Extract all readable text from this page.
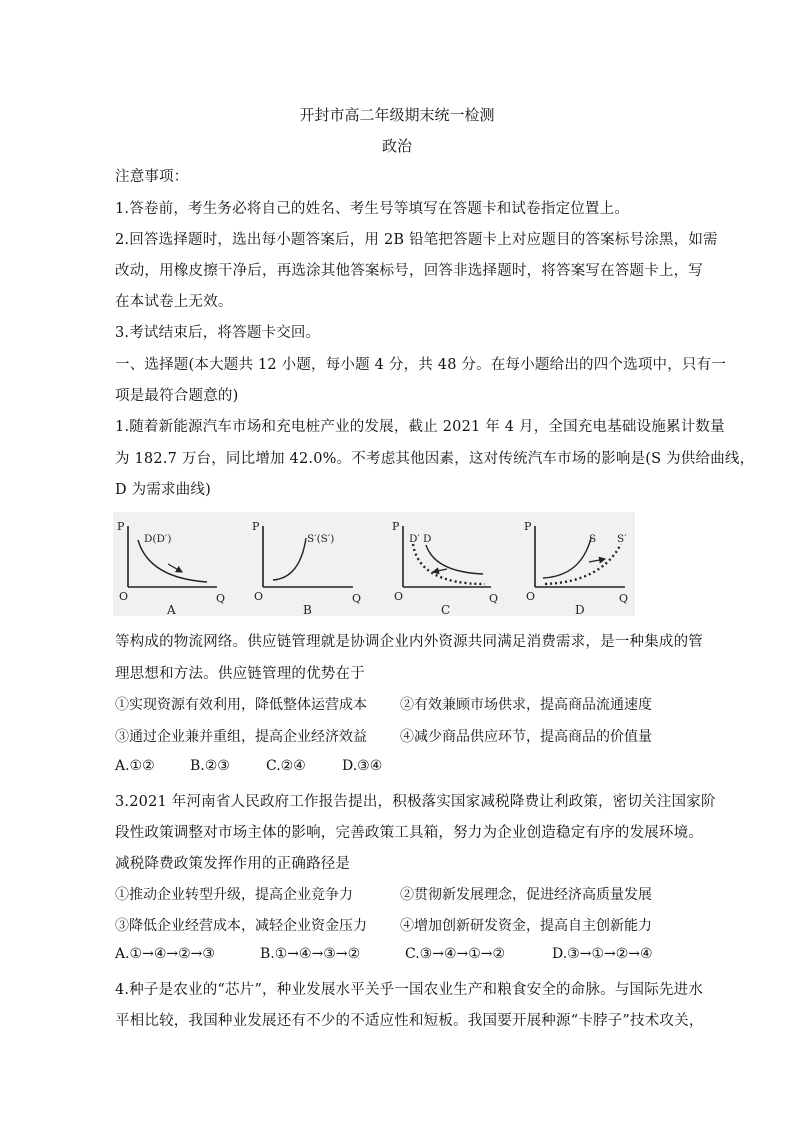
开封市高二年级期末统一检测
政治
注意事项：
1.答卷前，考生务必将自己的姓名、考生号等填写在答题卡和试卷指定位置上。
2.回答选择题时，选出每小题答案后，用 2B 铅笔把答题卡上对应题目的答案标号涂黑，如需
改动，用橡皮擦干净后，再选涂其他答案标号，回答非选择题时，将答案写在答题卡上，写
在本试卷上无效。
3.考试结束后，将答题卡交回。
一、选择题(本大题共 12 小题，每小题 4 分，共 48 分。在每小题给出的四个选项中，只有一
项是最符合题意的)
1.随着新能源汽车市场和充电桩产业的发展，截止 2021 年 4 月，全国充电基础设施累计数量
为 182.7 万台，同比增加 42.0%。不考虑其他因素，这对传统汽车市场的影响是(S 为供给曲线，
D 为需求曲线)
P
O	Q
D(D′)
A
P
O	Q
S′(S′)
B
P
O	Q
D′ D
C
P
O	Q
S S′
D
等构成的物流网络。供应链管理就是协调企业内外资源共同满足消费需求，是一种集成的管
理思想和方法。供应链管理的优势在于
①实现资源有效利用，降低整体运营成本 ②有效兼顾市场供求，提高商品流通速度
③通过企业兼并重组，提高企业经济效益 ④减少商品供应环节，提高商品的价值量
A.①②	B.②③	C.②④	D.③④
3.2021 年河南省人民政府工作报告提出，积极落实国家减税降费让利政策，密切关注国家阶
段性政策调整对市场主体的影响，完善政策工具箱，努力为企业创造稳定有序的发展环境。
减税降费政策发挥作用的正确路径是
①推动企业转型升级，提高企业竞争力	②贯彻新发展理念，促进经济高质量发展
③降低企业经营成本，减轻企业资金压力 ④增加创新研发资金，提高自主创新能力
A.①→④→②→③	B.①→④→③→②	C.③→④→①→②	D.③→①→②→④
4.种子是农业的“芯片”，种业发展水平关乎一国农业生产和粮食安全的命脉。与国际先进水
平相比较，我国种业发展还有不少的不适应性和短板。我国要开展种源“卡脖子”技术攻关，
